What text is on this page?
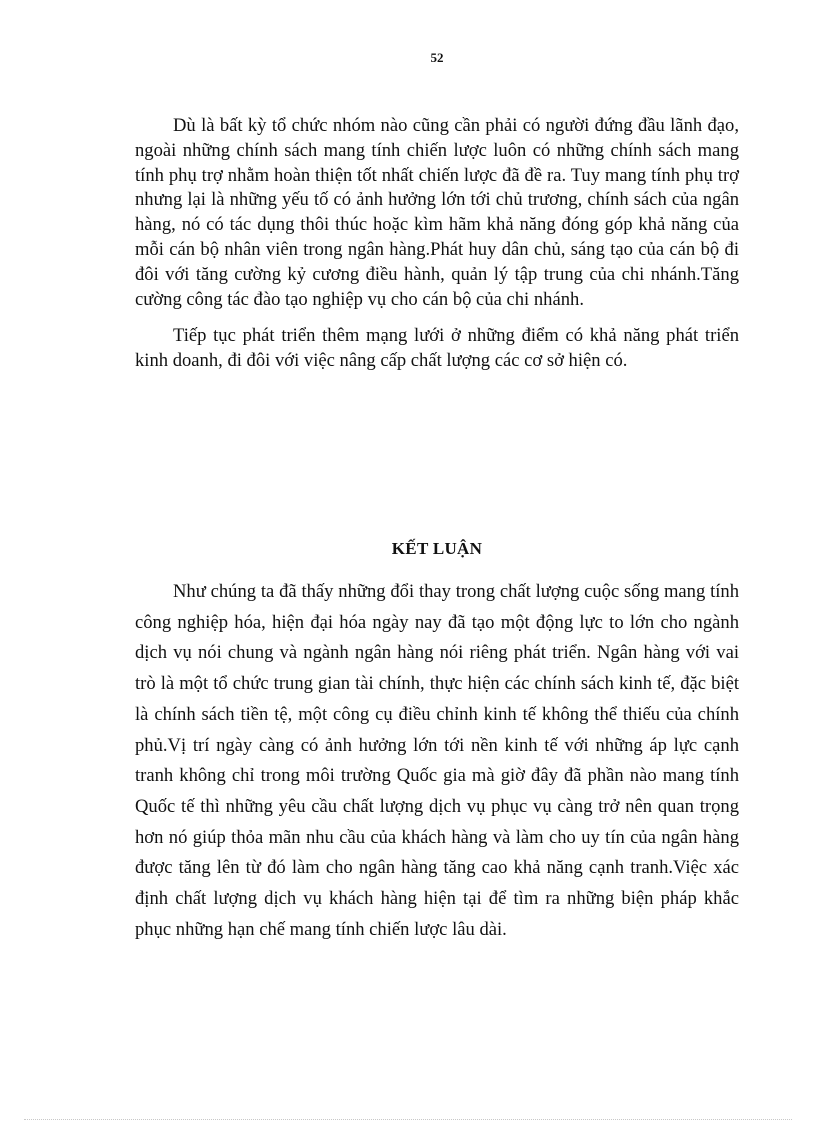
52

Dù là bất kỳ tổ chức nhóm nào cũng cần phải có người đứng đầu lãnh đạo, ngoài những chính sách mang tính chiến lược luôn có những chính sách mang tính phụ trợ nhằm hoàn thiện tốt nhất chiến lược đã đề ra. Tuy mang tính phụ trợ nhưng lại là những yếu tố có ảnh hưởng lớn tới chủ trương, chính sách của ngân hàng, nó có tác dụng thôi thúc hoặc kìm hãm khả năng đóng góp khả năng của mỗi cán bộ nhân viên trong ngân hàng.Phát huy dân chủ, sáng tạo của cán bộ đi đôi với tăng cường kỷ cương điều hành, quản lý tập trung của chi nhánh.Tăng cường công tác đào tạo nghiệp vụ cho cán bộ của chi nhánh.

Tiếp tục phát triển thêm mạng lưới ở những điểm có khả năng phát triển kinh doanh, đi đôi với việc nâng cấp chất lượng các cơ sở hiện có.

KẾT LUẬN

Như chúng ta đã thấy những đổi thay trong chất lượng cuộc sống mang tính công nghiệp hóa, hiện đại hóa ngày nay đã tạo một động lực to lớn cho ngành dịch vụ nói chung và ngành ngân hàng nói riêng phát triển. Ngân hàng với vai trò là một tổ chức trung gian tài chính, thực hiện các chính sách kinh tế, đặc biệt là chính sách tiền tệ, một công cụ điều chỉnh kinh tế không thể thiếu của chính phủ.Vị trí ngày càng có ảnh hưởng lớn tới nền kinh tế với những áp lực cạnh tranh không chỉ trong môi trường Quốc gia mà giờ đây đã phần nào mang tính Quốc tế thì những yêu cầu chất lượng dịch vụ phục vụ càng trở nên quan trọng hơn nó giúp thỏa mãn nhu cầu của khách hàng và làm cho uy tín của ngân hàng được tăng lên từ đó làm cho ngân hàng tăng cao khả năng cạnh tranh.Việc xác định chất lượng dịch vụ khách hàng hiện tại để tìm ra những biện pháp khắc phục những hạn chế mang tính chiến lược lâu dài.
